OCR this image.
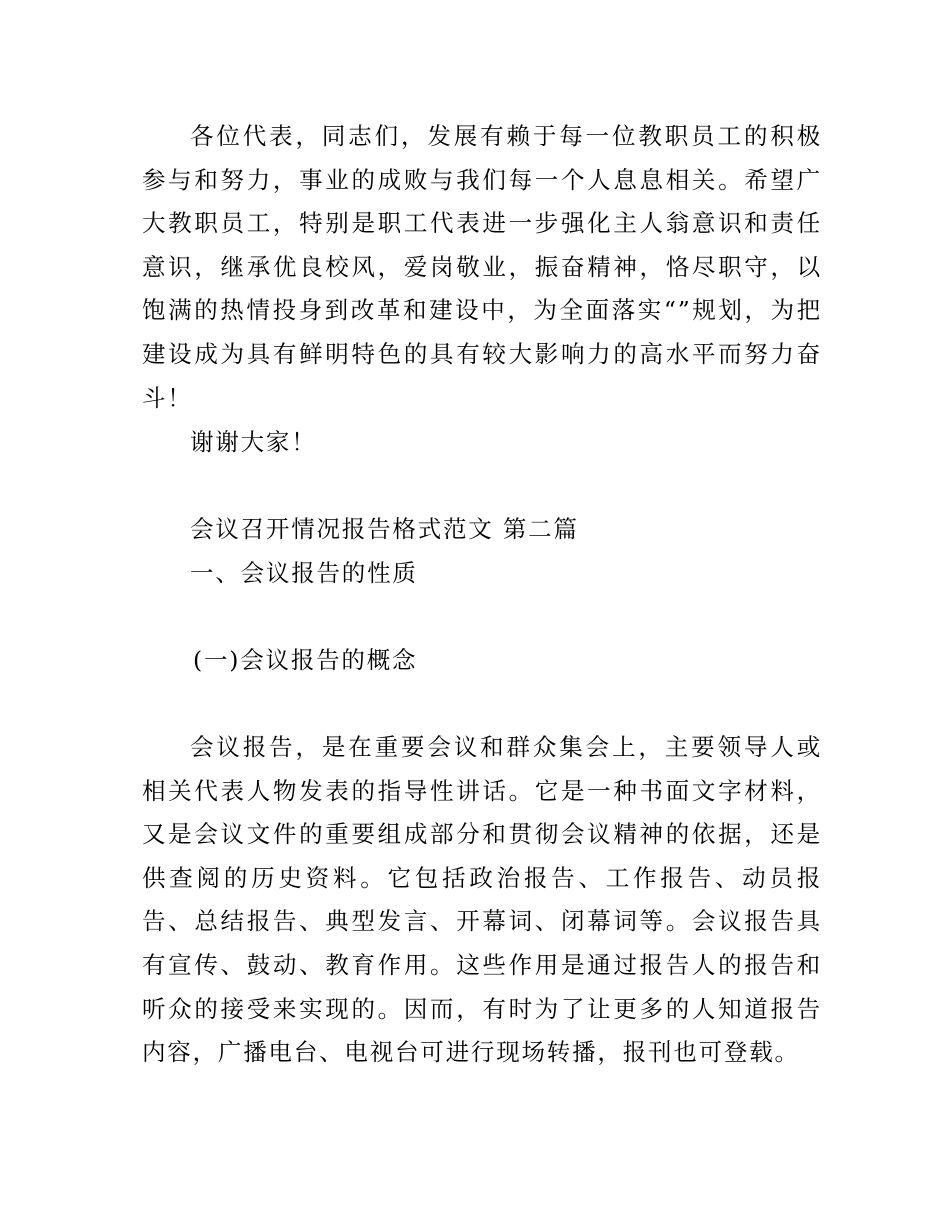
各位代表，同志们，发展有赖于每一位教职员工的积极参与和努力，事业的成败与我们每一个人息息相关。希望广大教职员工，特别是职工代表进一步强化主人翁意识和责任意识，继承优良校风，爱岗敬业，振奋精神，恪尽职守，以饱满的热情投身到改革和建设中，为全面落实“”规划，为把建设成为具有鲜明特色的具有较大影响力的高水平而努力奋斗！

谢谢大家！

会议召开情况报告格式范文 第二篇

一、会议报告的性质

(一)会议报告的概念

会议报告，是在重要会议和群众集会上，主要领导人或相关代表人物发表的指导性讲话。它是一种书面文字材料，又是会议文件的重要组成部分和贯彻会议精神的依据，还是供查阅的历史资料。它包括政治报告、工作报告、动员报告、总结报告、典型发言、开幕词、闭幕词等。会议报告具有宣传、鼓动、教育作用。这些作用是通过报告人的报告和听众的接受来实现的。因而，有时为了让更多的人知道报告内容，广播电台、电视台可进行现场转播，报刊也可登载。
